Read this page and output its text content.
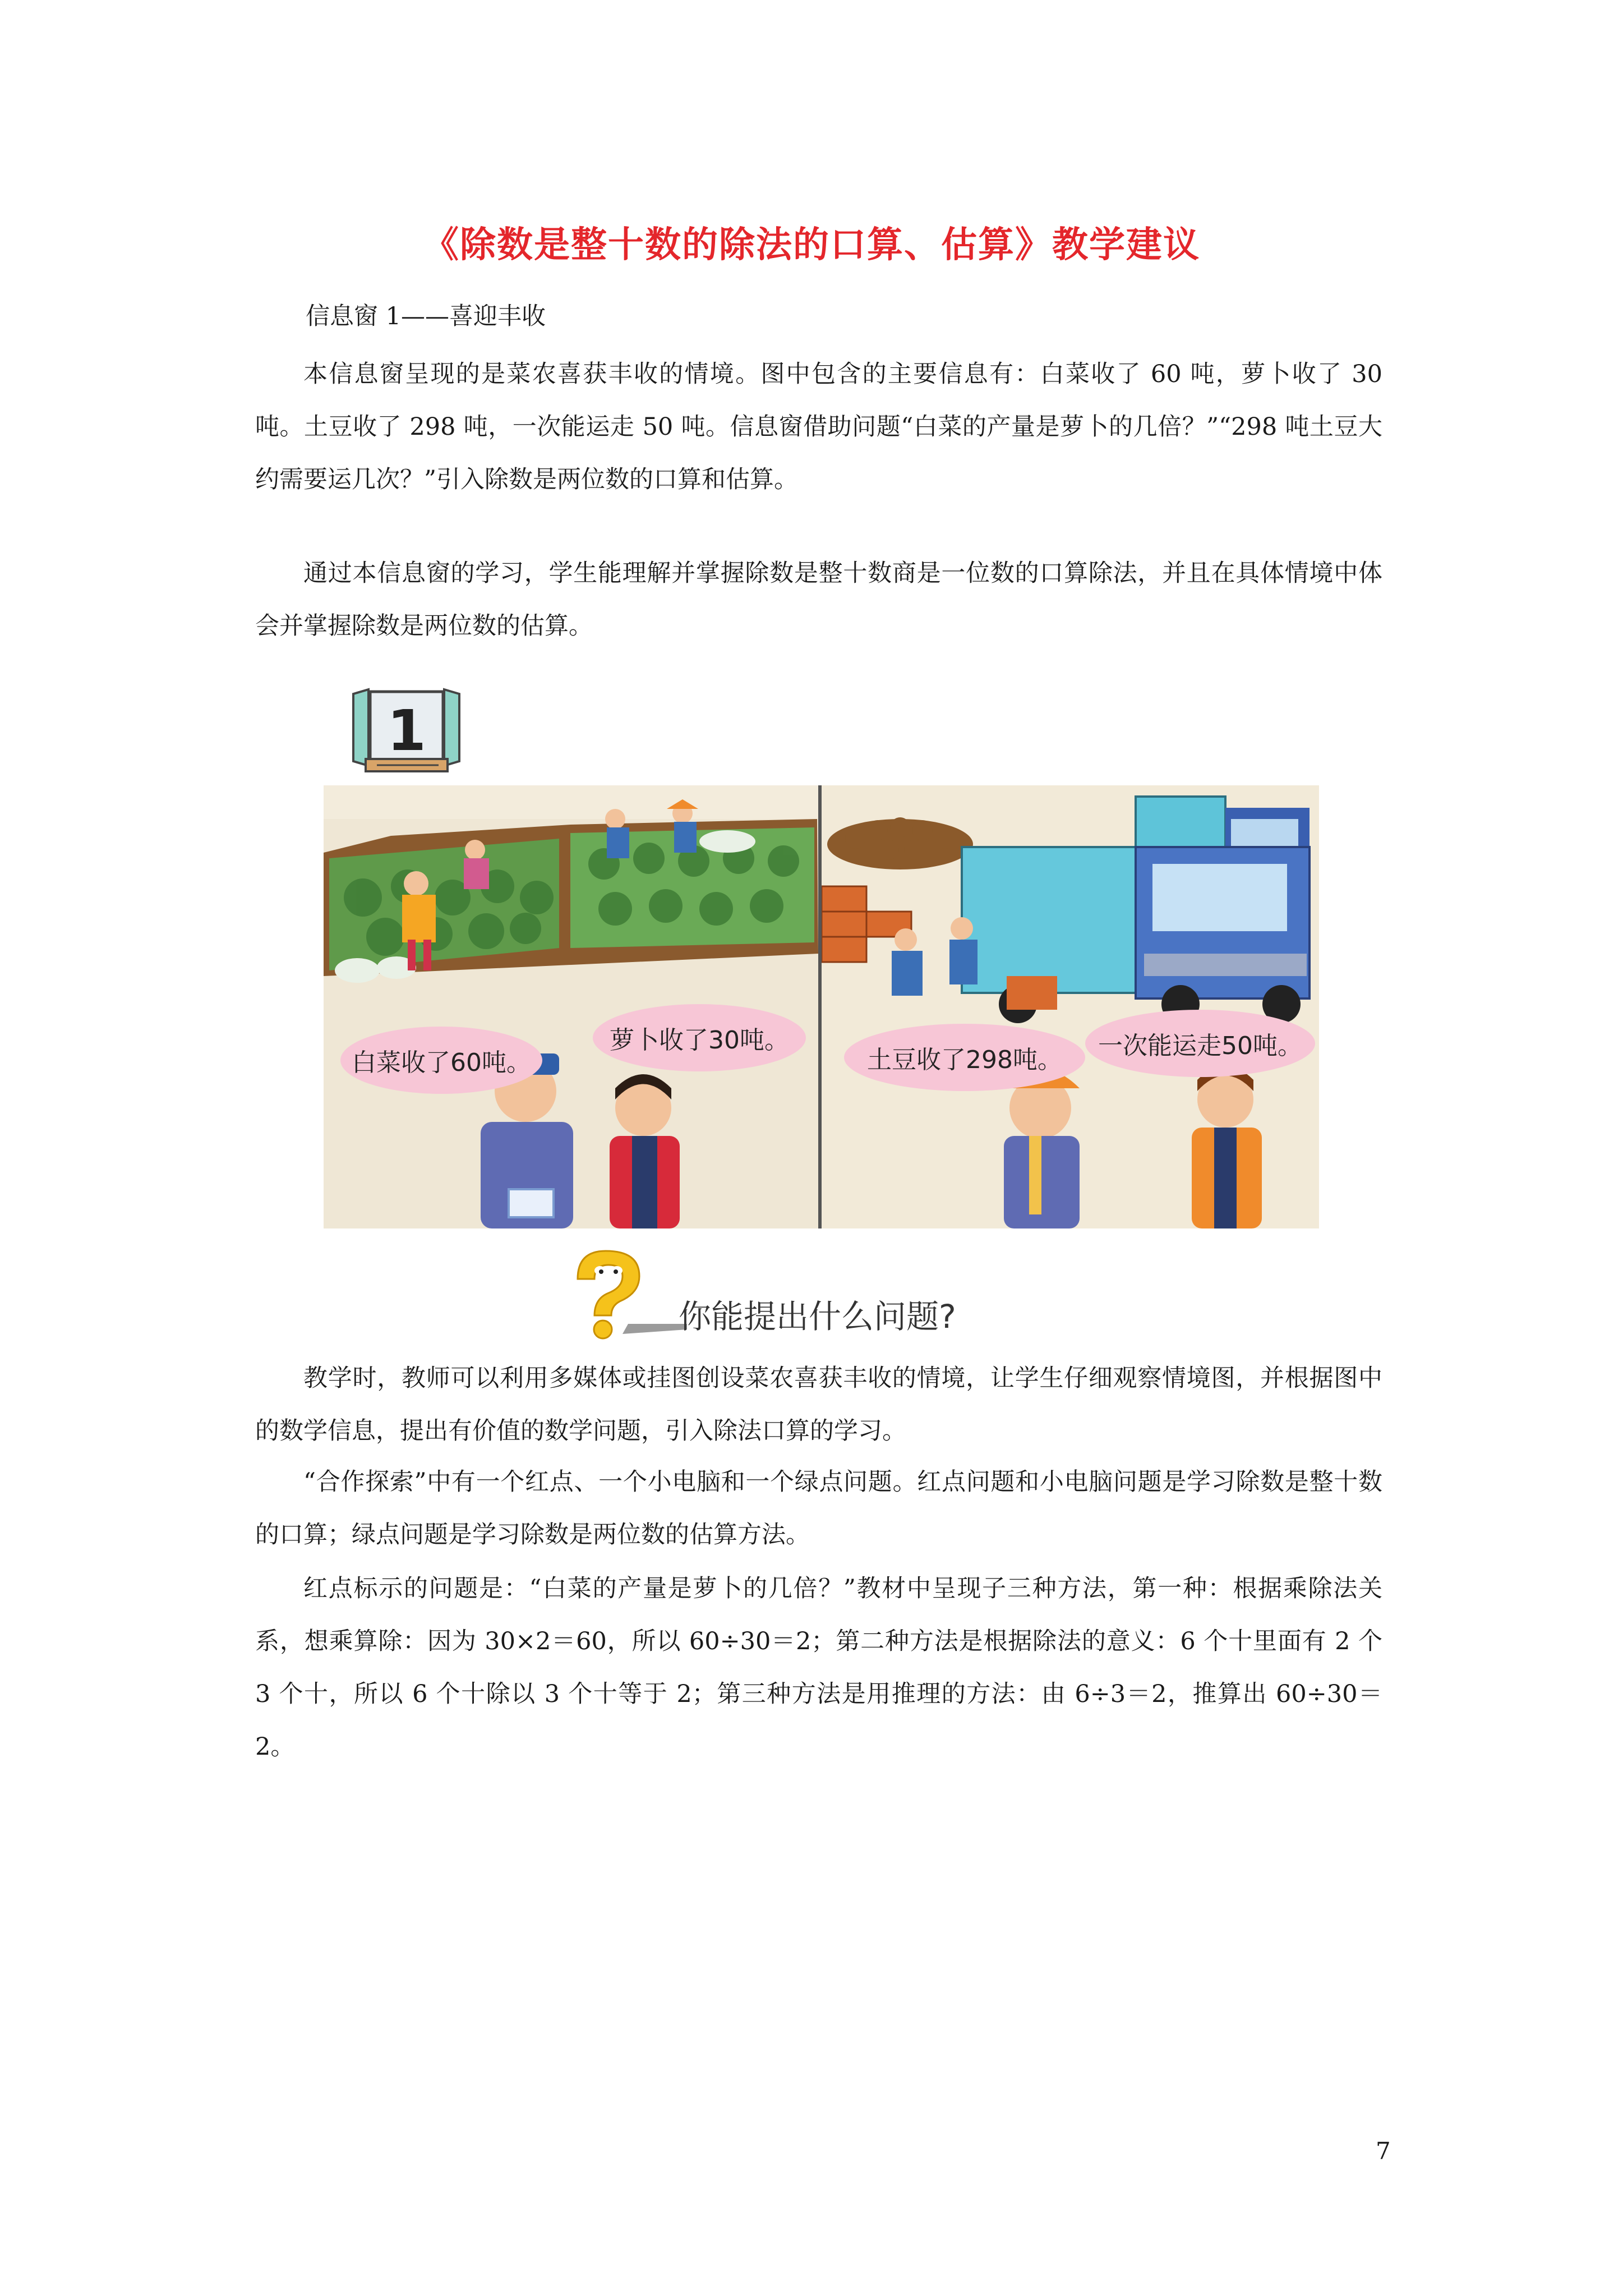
《除数是整十数的除法的口算、估算》教学建议
信息窗 1——喜迎丰收

本信息窗呈现的是菜农喜获丰收的情境。图中包含的主要信息有：白菜收了 60 吨，萝卜收了 30 吨。土豆收了 298 吨，一次能运走 50 吨。信息窗借助问题“白菜的产量是萝卜的几倍？”“298 吨土豆大约需要运几次？”引入除数是两位数的口算和估算。

通过本信息窗的学习，学生能理解并掌握除数是整十数商是一位数的口算除法，并且在具体情境中体会并掌握除数是两位数的估算。

1
白菜收了60吨。
萝卜收了30吨。
土豆收了298吨。	一次能运走50吨。
你能提出什么问题?

教学时，教师可以利用多媒体或挂图创设菜农喜获丰收的情境，让学生仔细观察情境图，并根据图中的数学信息，提出有价值的数学问题，引入除法口算的学习。

“合作探索”中有一个红点、一个小电脑和一个绿点问题。红点问题和小电脑问题是学习除数是整十数的口算；绿点问题是学习除数是两位数的估算方法。

红点标示的问题是：“白菜的产量是萝卜的几倍？”教材中呈现子三种方法，第一种：根据乘除法关系，想乘算除：因为 30×2＝60，所以 60÷30＝2；第二种方法是根据除法的意义：6 个十里面有 2 个 3 个十，所以 6 个十除以 3 个十等于 2；第三种方法是用推理的方法：由 6÷3＝2，推算出 60÷30＝2。

7
